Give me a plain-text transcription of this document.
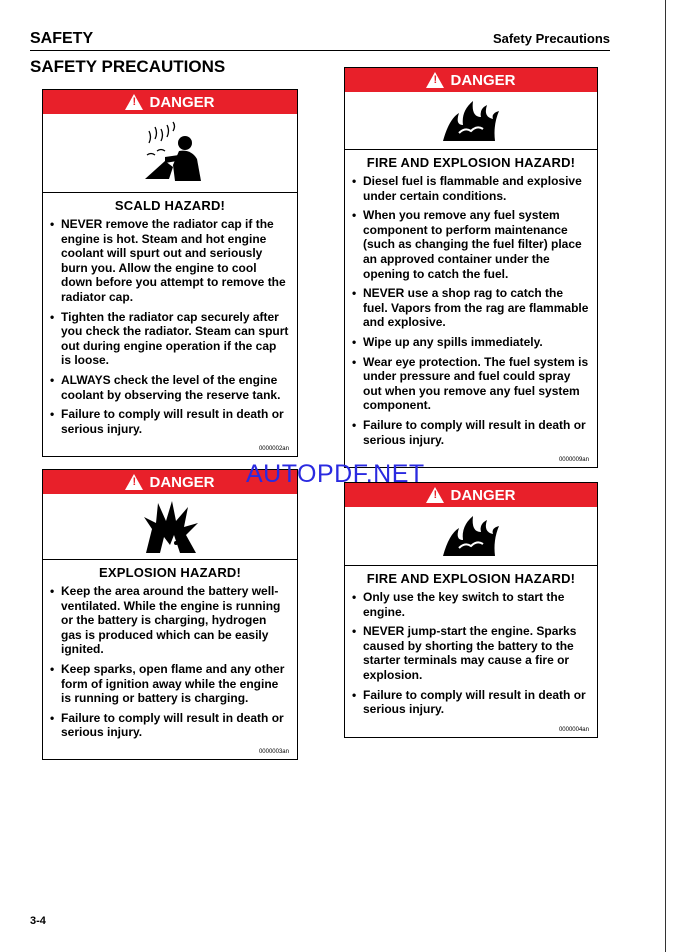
SAFETY	Safety Precautions
SAFETY PRECAUTIONS
! DANGER
SCALD HAZARD!
• NEVER remove the radiator cap if the engine is hot. Steam and hot engine coolant will spurt out and seriously burn you. Allow the engine to cool down before you attempt to remove the radiator cap.
• Tighten the radiator cap securely after you check the radiator. Steam can spurt out during engine operation if the cap is loose.
• ALWAYS check the level of the engine coolant by observing the reserve tank.
• Failure to comply will result in death or serious injury.
0000002an
! DANGER
EXPLOSION HAZARD!
• Keep the area around the battery well-ventilated. While the engine is running or the battery is charging, hydrogen gas is produced which can be easily ignited.
• Keep sparks, open flame and any other form of ignition away while the engine is running or battery is charging.
• Failure to comply will result in death or serious injury.
0000003an
! DANGER
FIRE AND EXPLOSION HAZARD!
• Diesel fuel is flammable and explosive under certain conditions.
• When you remove any fuel system component to perform maintenance (such as changing the fuel filter) place an approved container under the opening to catch the fuel.
• NEVER use a shop rag to catch the fuel. Vapors from the rag are flammable and explosive.
• Wipe up any spills immediately.
• Wear eye protection. The fuel system is under pressure and fuel could spray out when you remove any fuel system component.
• Failure to comply will result in death or serious injury.
0000009an
! DANGER
FIRE AND EXPLOSION HAZARD!
• Only use the key switch to start the engine.
• NEVER jump-start the engine. Sparks caused by shorting the battery to the starter terminals may cause a fire or explosion.
• Failure to comply will result in death or serious injury.
0000004an
AUTOPDF.NET
3-4
